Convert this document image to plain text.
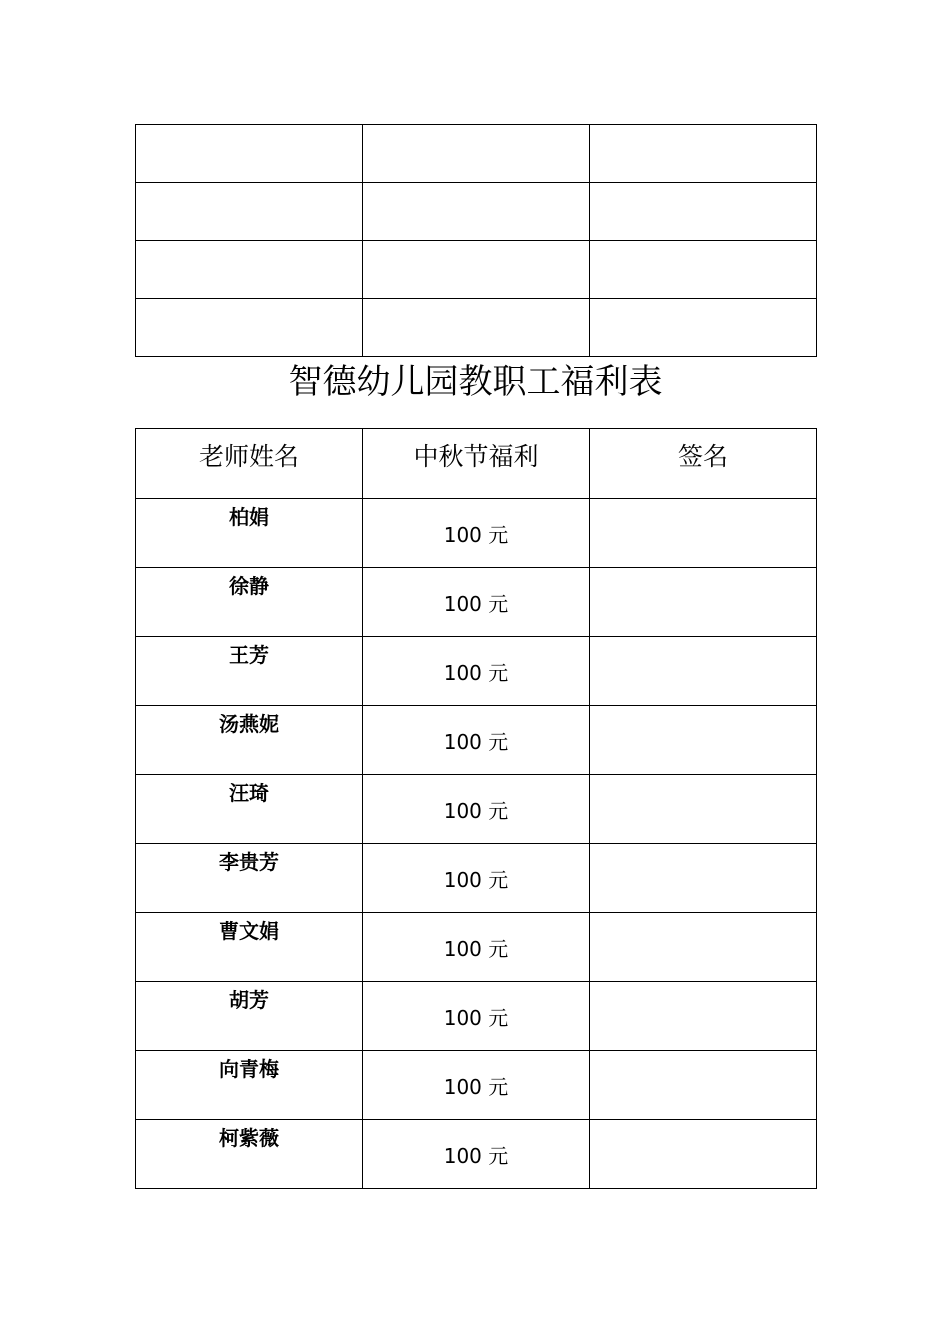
智德幼儿园教职工福利表
老师姓名	中秋节福利	签名
柏娟	100 元	
徐静	100 元	
王芳	100 元	
汤燕妮	100 元	
汪琦	100 元	
李贵芳	100 元	
曹文娟	100 元	
胡芳	100 元	
向青梅	100 元	
柯紫薇	100 元	
